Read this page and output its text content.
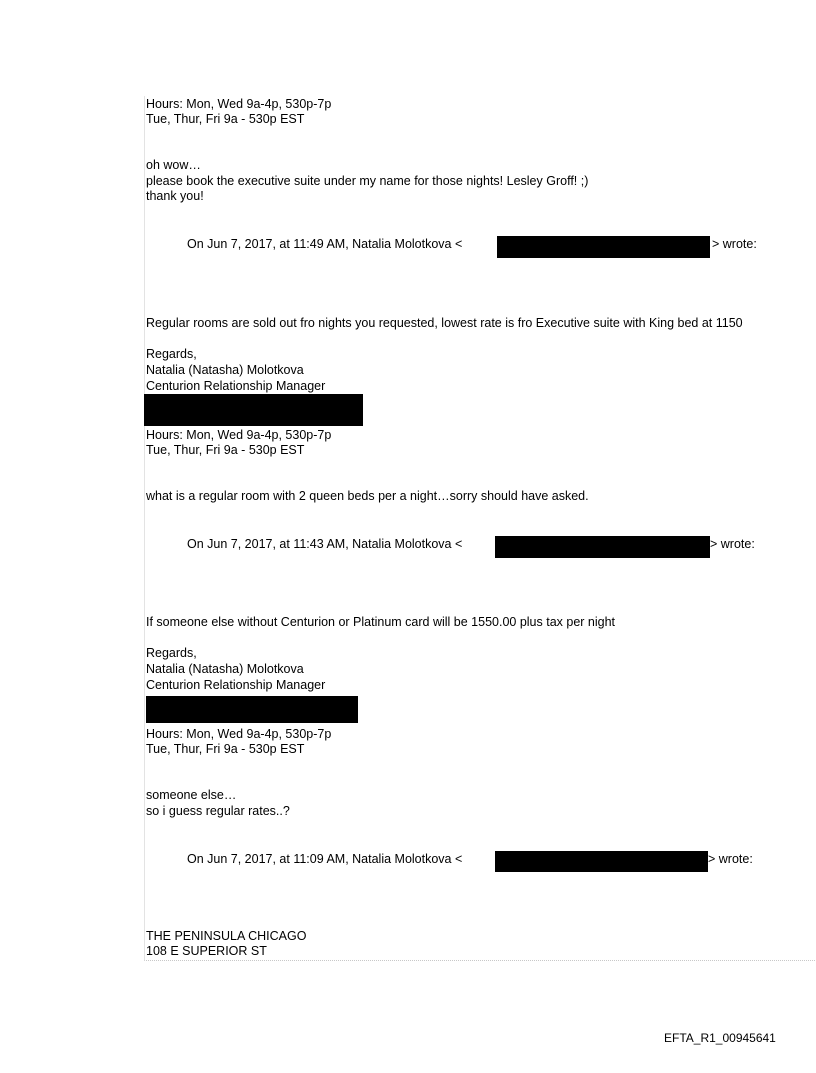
Hours: Mon, Wed 9a-4p, 530p-7p
Tue, Thur, Fri 9a - 530p EST
oh wow…
please book the executive suite under my name for those nights! Lesley Groff! ;)
thank you!
On Jun 7, 2017, at 11:49 AM, Natalia Molotkova <	> wrote:
Regular rooms are sold out fro nights you requested, lowest rate is fro Executive suite with King bed at 1150
Regards,
Natalia (Natasha) Molotkova
Centurion Relationship Manager
Hours: Mon, Wed 9a-4p, 530p-7p
Tue, Thur, Fri 9a - 530p EST
what is a regular room with 2 queen beds per a night…sorry should have asked.
On Jun 7, 2017, at 11:43 AM, Natalia Molotkova <	> wrote:
If someone else without Centurion or Platinum card will be 1550.00 plus tax per night
Regards,
Natalia (Natasha) Molotkova
Centurion Relationship Manager
Hours: Mon, Wed 9a-4p, 530p-7p
Tue, Thur, Fri 9a - 530p EST
someone else…
so i guess regular rates..?
On Jun 7, 2017, at 11:09 AM, Natalia Molotkova <	> wrote:
THE PENINSULA CHICAGO
108 E SUPERIOR ST
EFTA_R1_00945641
